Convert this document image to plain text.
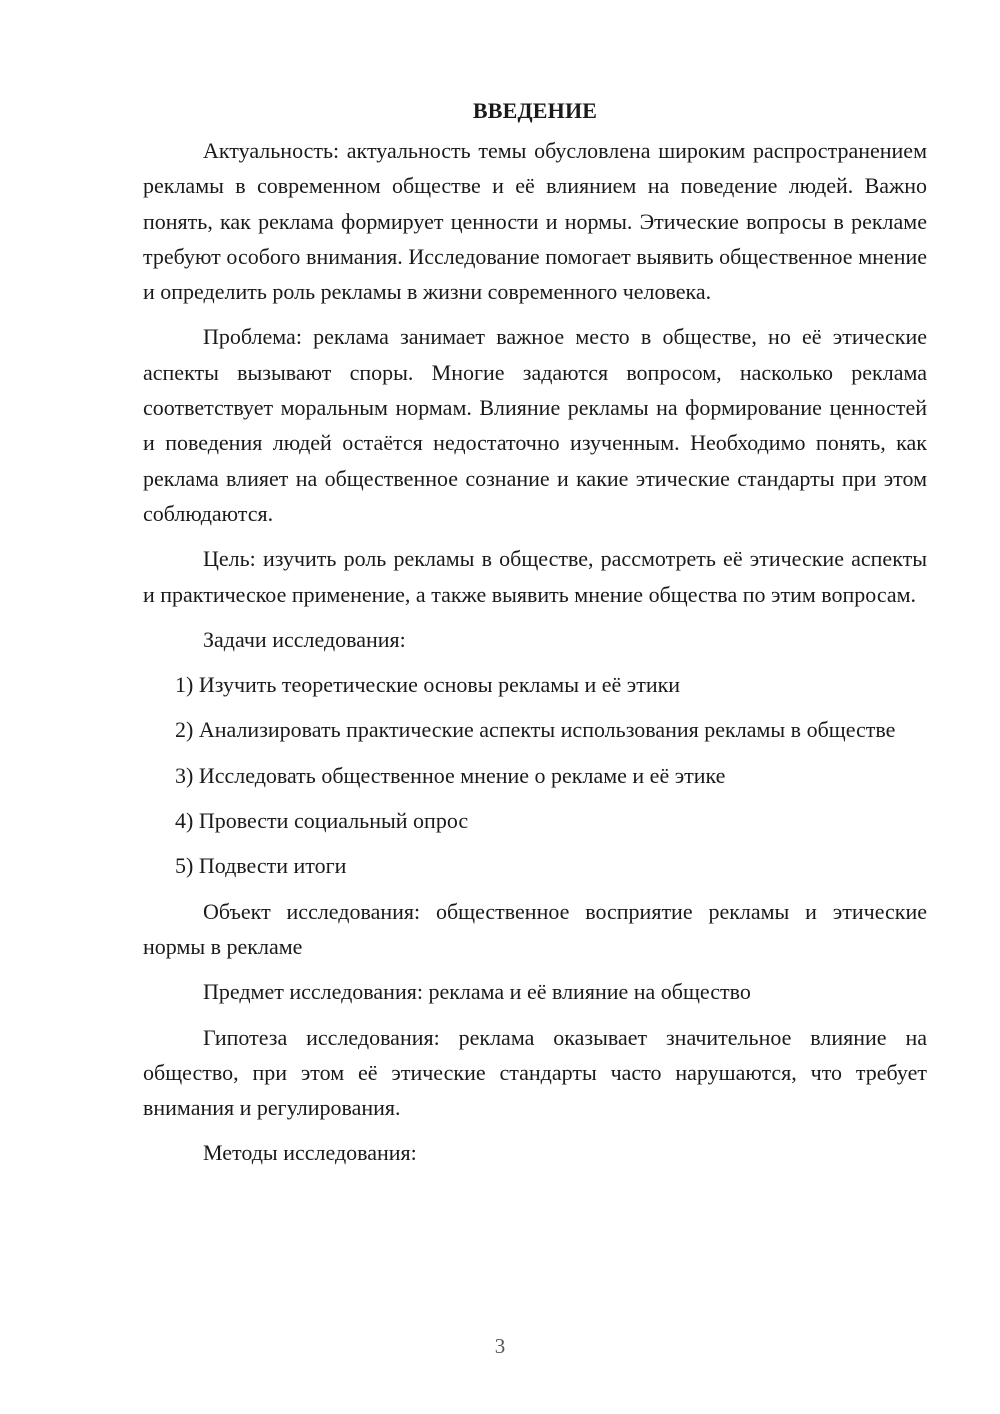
ВВЕДЕНИЕ

Актуальность: актуальность темы обусловлена широким распространением рекламы в современном обществе и её влиянием на поведение людей. Важно понять, как реклама формирует ценности и нормы. Этические вопросы в рекламе требуют особого внимания. Исследование помогает выявить общественное мнение и определить роль рекламы в жизни современного человека.

Проблема: реклама занимает важное место в обществе, но её этические аспекты вызывают споры. Многие задаются вопросом, насколько реклама соответствует моральным нормам. Влияние рекламы на формирование ценностей и поведения людей остаётся недостаточно изученным. Необходимо понять, как реклама влияет на общественное сознание и какие этические стандарты при этом соблюдаются.

Цель: изучить роль рекламы в обществе, рассмотреть её этические аспекты и практическое применение, а также выявить мнение общества по этим вопросам.

Задачи исследования:

1) Изучить теоретические основы рекламы и её этики

2) Анализировать практические аспекты использования рекламы в обществе

3) Исследовать общественное мнение о рекламе и её этике

4) Провести социальный опрос

5) Подвести итоги

Объект исследования: общественное восприятие рекламы и этические нормы в рекламе

Предмет исследования: реклама и её влияние на общество

Гипотеза исследования: реклама оказывает значительное влияние на общество, при этом её этические стандарты часто нарушаются, что требует внимания и регулирования.

Методы исследования:

3
